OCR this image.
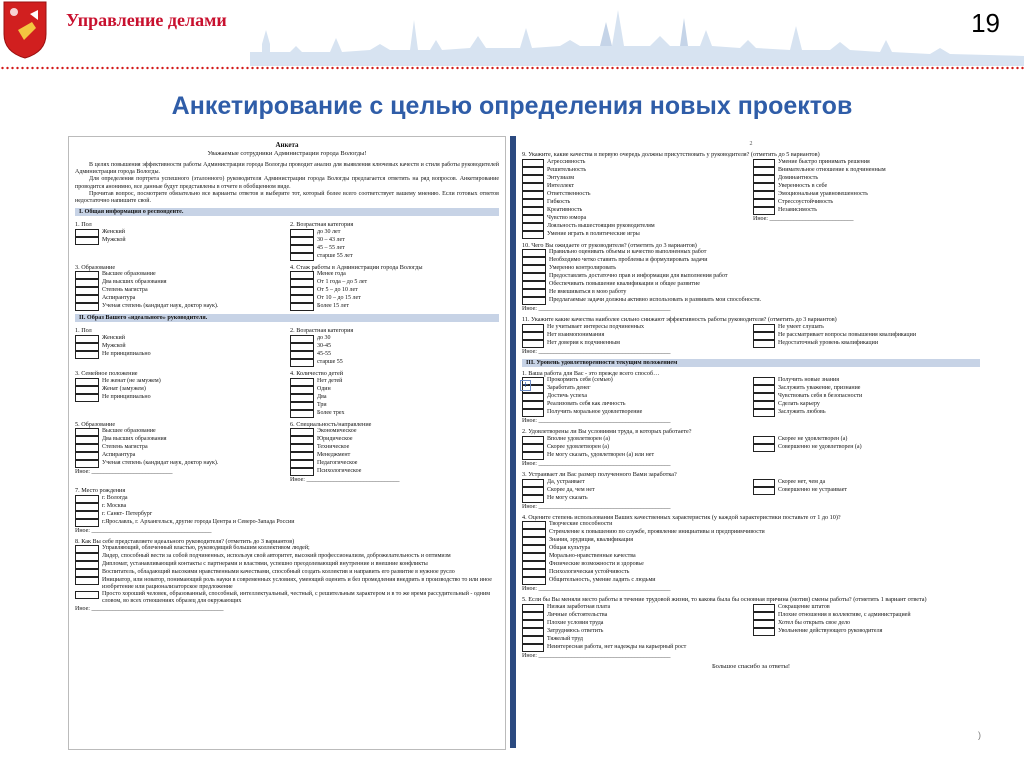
Управление делами	19
Анкетирование с целью определения новых проектов
Анкета
Уважаемые сотрудники Администрации города Вологды!

В целях повышения эффективности работы Администрации города Вологды проводит анализ для выявления ключевых качеств и стиля работы руководителей Администрации города Вологды.

Для определения портрета успешного (эталонного) руководителя Администрации города Вологды предлагается ответить на ряд вопросов. Анкетирование проводится анонимно, все данные будут представлены в отчете в обобщенном виде.

Прочитав вопрос, посмотрите обязательно все варианты ответов и выберите тот, который более всего соответствует вашему мнению. Если готовых ответов недостаточно напишите свой.

I. Общая информация о респонденте.
1. Пол
Женский
Мужской
2. Возрастная категория
до 30 лет
30 – 43 лет
45 – 55 лет
старше 55 лет
3. Образование
Высшее образование
Два высших образования
Степень магистра
Аспирантура
Ученая степень (кандидат наук, доктор наук).
4. Стаж работы в Администрации города Вологды
Менее года
От 1 года – до 5 лет
От 5 – до 10 лет
От 10 – до 15 лет
Более 15 лет
II. Образ Вашего «идеального» руководителя.
1. Пол
Женский
Мужской
Не принципиально
2. Возрастная категория
до 30
30-45
45-55
старше 55
3. Семейное положение
Не женат (не замужем)
Женат (замужем)
Не принципиально
4. Количество детей
Нет детей
Один
Два
Три
Более трех
5. Образование
Высшее образование
Два высших образования
Степень магистра
Аспирантура
Ученая степень (кандидат наук, доктор наук).
Иное: ___________________________
6. Специальность/направление
Экономическое
Юридическое
Техническое
Менеджмент
Педагогическое
Психологическое
Иное: _______________________________
7. Место рождения
г. Вологда
г. Москва
г. Санкт- Петербург
г.Ярославль, г. Архангельск, другие города Центра и Северо-Запада России
Иное: ________________________________________
8. Как Вы себе представляете идеального руководителя? (отметить до 3 вариантов)
Управляющий, облеченный властью, руководящий большим коллективом людей;
Лидер, способный вести за собой подчиненных, используя свой авторитет, высокий профессионализм, доброжелательность и оптимизм
Дипломат, устанавливающий контакты с партнерами и властями, успешно преодолевающий внутренние и внешние конфликты
Воспитатель, обладающий высокими нравственными качествами, способный создать коллектив и направить его развитие в нужное русло
Инициатор, или новатор, понимающий роль науки в современных условиях, умеющий оценить и без промедления внедрить в производство то или иное изобретение или рационализаторское предложение
Просто хороший человек, образованный, способный, интеллектуальный, честный, с решительным характером и в то же время рассудительный - одним словом, во всех отношениях образец для окружающих
Иное: ____________________________________________
2
9. Укажите, какие качества в первую очередь должны присутствовать у руководителя? (отметить до 5 вариантов)
Агрессивность
Решительность
Энтузиазм
Интеллект
Ответственность
Гибкость
Креативность
Чувство юмора
Лояльность вышестоящим руководителям
Умение играть в политические игры
Умение быстро принимать решения
Внимательное отношение к подчиненным
Доминантность
Уверенность в себе
Эмоциональная уравновешенность
Стрессоустойчивость
Независимость
Иное: ____________________________
10. Чего Вы ожидаете от руководителя? (отметить до 3 вариантов)
Правильно оценивать объемы и качество выполненных работ
Необходимо четко ставить проблемы и формулировать задачи
Умеренно контролировать
Предоставлять достаточно прав и информации для выполнения работ
Обеспечивать повышение квалификации и общее развитие
Не вмешиваться в мою работу
Предлагаемые задачи должны активно использовать и развивать мои способности.
Иное: ____________________________________________
11. Укажите какие качества наиболее сильно снижают эффективность работы руководителя? (отметить до 3 вариантов)
Не учитывает интересы подчиненных
Нет взаимопонимания
Нет доверия к подчиненным
Не умеет слушать
Не рассматривает вопросы повышения квалификации
Недостаточный уровень квалификации
Иное: ____________________________________________
III. Уровень удовлетворенности текущим положением
1. Ваша работа для Вас - это прежде всего способ…
Прокормить себя (семью)
Заработать денег
Достичь успеха
Реализовать себя как личность
Получить моральное удовлетворение
Получить новые знания
Заслужить уважение, признание
Чувствовать себя в безопасности
Сделать карьеру
Заслужить любовь
Иное: ____________________________________________
2. Удовлетворены ли Вы условиями труда, в которых работаете?
Вполне удовлетворен (а)
Скорее удовлетворен (а)
Не могу сказать, удовлетворен (а) или нет
Скорее не удовлетворен (а)
Совершенно не удовлетворен (а)
Иное: ____________________________________________
3. Устраивает ли Вас размер полученного Вами заработка?
Да, устраивает
Скорее да, чем нет
Не могу сказать
Скорее нет, чем да
Совершенно не устраивает
Иное: ____________________________________________
4. Оцените степень использования Ваших качественных характеристик (у каждой характеристики поставьте от 1 до 10)?
Творческие способности
Стремление к повышению по службе, проявление инициативы и предприимчивости
Знания, эрудиция, квалификация
Общая культура
Морально-нравственные качества
Физические возможности и здоровье
Психологическая устойчивость
Общительность, умение ладить с людьми
Иное: ____________________________________________
5. Если бы Вы меняли место работы в течение трудовой жизни, то какова была бы основная причина (мотив) смены работы? (отметить 1 вариант ответа)
Низкая заработная плата
Личные обстоятельства
Плохие условия труда
Затрудняюсь ответить
Тяжелый труд
Неинтересная работа, нет надежды на карьерный рост
Сокращение штатов
Плохие отношения в коллективе, с администрацией
Хотел бы открыть свое дело
Увольнение действующего руководителя
Иное: ____________________________________________
Большое спасибо за ответы!
+
)
